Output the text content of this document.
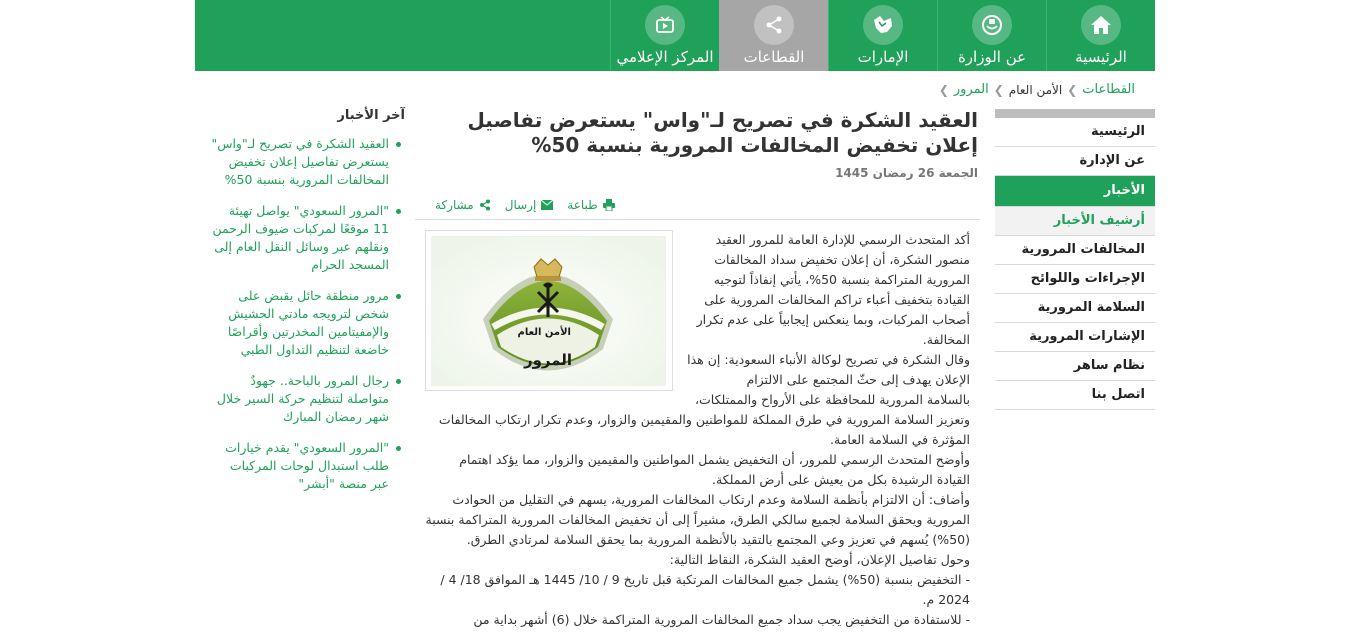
الرئيسية
عن الوزارة
الإمارات
القطاعات
المركز الإعلامي
القطاعات
❯
الأمن العام
❯
المرور
❯
الرئيسية
عن الإدارة
الأخبار
أرشيف الأخبار
المخالفات المرورية
الإجراءات واللوائح
السلامة المرورية
الإشارات المرورية
نظام ساهر
اتصل بنا
العقيد الشكرة في تصريح لـ"واس" يستعرض تفاصيل إعلان تخفيض المخالفات المرورية بنسبة 50%
الجمعة 26 رمضان 1445
طباعة
إرسال
مشاركة
الأمن العام
المرور

أكد المتحدث الرسمي للإدارة العامة للمرور العقيد منصور الشكرة، أن إعلان تخفيض سداد المخالفات المرورية المتراكمة بنسبة 50%، يأتي إنفاذاً لتوجيه القيادة بتخفيف أعباء تراكم المخالفات المرورية على أصحاب المركبات، وبما ينعكس إيجابياً على عدم تكرار المخالفة.

وقال الشكرة في تصريح لوكالة الأنباء السعودية: إن هذا الإعلان يهدف إلى حثّ المجتمع على الالتزام

بالسلامة المرورية للمحافظة على الأرواح والممتلكات،

وتعزيز السلامة المرورية في طرق المملكة للمواطنين والمقيمين والزوار، وعدم تكرار ارتكاب المخالفات المؤثرة في السلامة العامة.

وأوضح المتحدث الرسمي للمرور، أن التخفيض يشمل المواطنين والمقيمين والزوار، مما يؤكد اهتمام القيادة الرشيدة بكل من يعيش على أرض المملكة.

وأضاف: أن الالتزام بأنظمة السلامة وعدم ارتكاب المخالفات المرورية، يسهم في التقليل من الحوادث المرورية ويحقق السلامة لجميع سالكي الطرق، مشيراً إلى أن تخفيض المخالفات المرورية المتراكمة بنسبة (50%) يُسهم في تعزيز وعي المجتمع بالتقيد بالأنظمة المرورية بما يحقق السلامة لمرتادي الطرق.

وحول تفاصيل الإعلان، أوضح العقيد الشكرة، النقاط التالية:

- التخفيض بنسبة (50%) يشمل جميع المخالفات المرتكبة قبل تاريخ 9 / 10/ 1445 هـ الموافق 18/ 4 / 2024 م.

- للاستفادة من التخفيض يجب سداد جميع المخالفات المرورية المتراكمة خلال (6) أشهر بداية من

آخر الأخبار
العقيد الشكرة في تصريح لـ"واس" يستعرض تفاصيل إعلان تخفيض المخالفات المرورية بنسبة 50%
"المرور السعودي" يواصل تهيئة 11 موقعًا لمركبات ضيوف الرحمن ونقلهم عبر وسائل النقل العام إلى المسجد الحرام
مرور منطقة حائل يقبض على شخص لترويجه مادتي الحشيش والإمفيتامين المخدرتين وأقراصًا خاضعة لتنظيم التداول الطبي
رجال المرور بالباحة.. جهودٌ متواصلة لتنظيم حركة السير خلال شهر رمضان المبارك
"المرور السعودي" يقدم خيارات طلب استبدال لوحات المركبات عبر منصة "أبشر"
